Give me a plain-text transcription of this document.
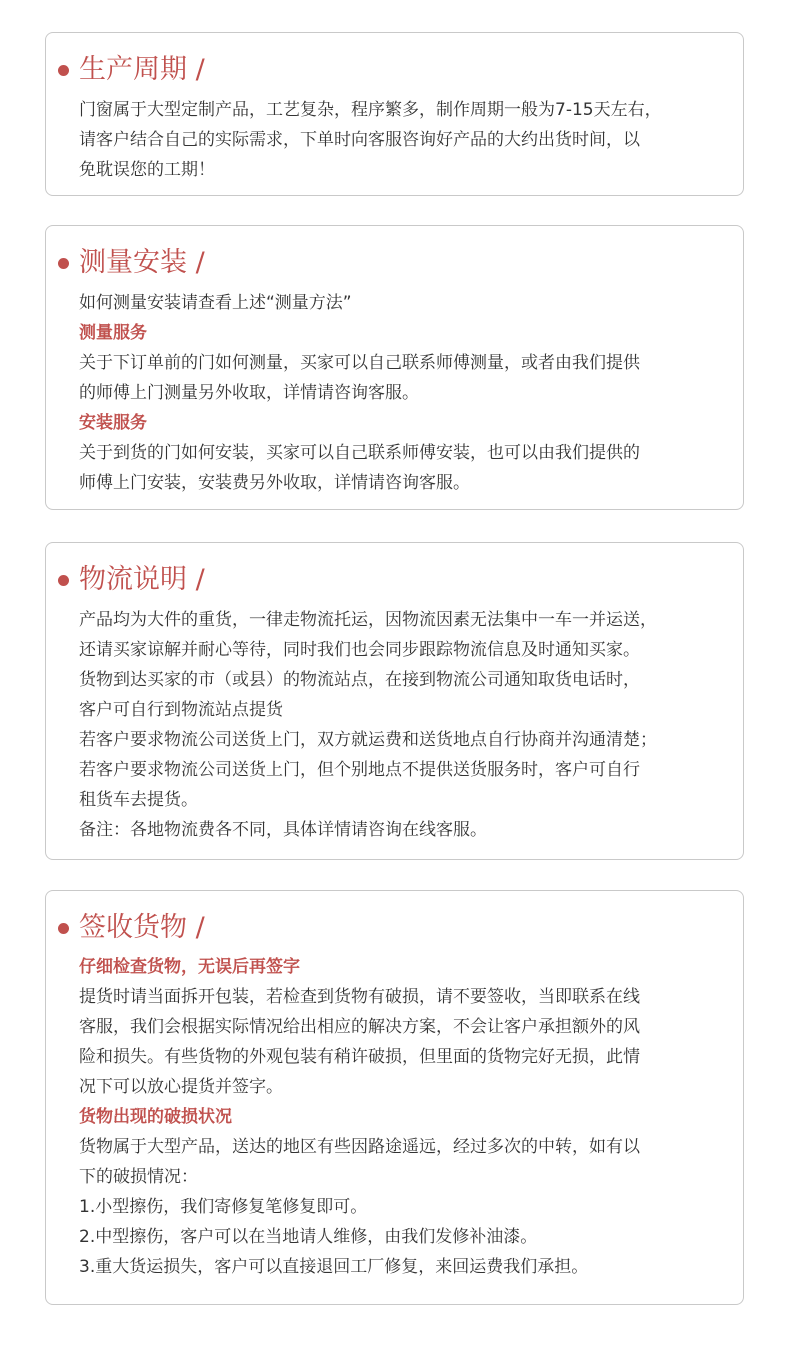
生产周期 /
门窗属于大型定制产品，工艺复杂，程序繁多，制作周期一般为7-15天左右，
请客户结合自己的实际需求，下单时向客服咨询好产品的大约出货时间，以
免耽误您的工期！
测量安装 /
如何测量安装请查看上述“测量方法”
测量服务
关于下订单前的门如何测量，买家可以自己联系师傅测量，或者由我们提供
的师傅上门测量另外收取，详情请咨询客服。
安装服务
关于到货的门如何安装，买家可以自己联系师傅安装，也可以由我们提供的
师傅上门安装，安装费另外收取，详情请咨询客服。
物流说明 /
产品均为大件的重货，一律走物流托运，因物流因素无法集中一车一并运送，
还请买家谅解并耐心等待，同时我们也会同步跟踪物流信息及时通知买家。
货物到达买家的市（或县）的物流站点，在接到物流公司通知取货电话时，
客户可自行到物流站点提货
若客户要求物流公司送货上门，双方就运费和送货地点自行协商并沟通清楚；
若客户要求物流公司送货上门，但个别地点不提供送货服务时，客户可自行
租货车去提货。
备注：各地物流费各不同，具体详情请咨询在线客服。
签收货物 /
仔细检查货物，无误后再签字
提货时请当面拆开包装，若检查到货物有破损，请不要签收，当即联系在线
客服，我们会根据实际情况给出相应的解决方案，不会让客户承担额外的风
险和损失。有些货物的外观包装有稍许破损，但里面的货物完好无损，此情
况下可以放心提货并签字。
货物出现的破损状况
货物属于大型产品，送达的地区有些因路途遥远，经过多次的中转，如有以
下的破损情况：
1.小型擦伤，我们寄修复笔修复即可。
2.中型擦伤，客户可以在当地请人维修，由我们发修补油漆。
3.重大货运损失，客户可以直接退回工厂修复，来回运费我们承担。
